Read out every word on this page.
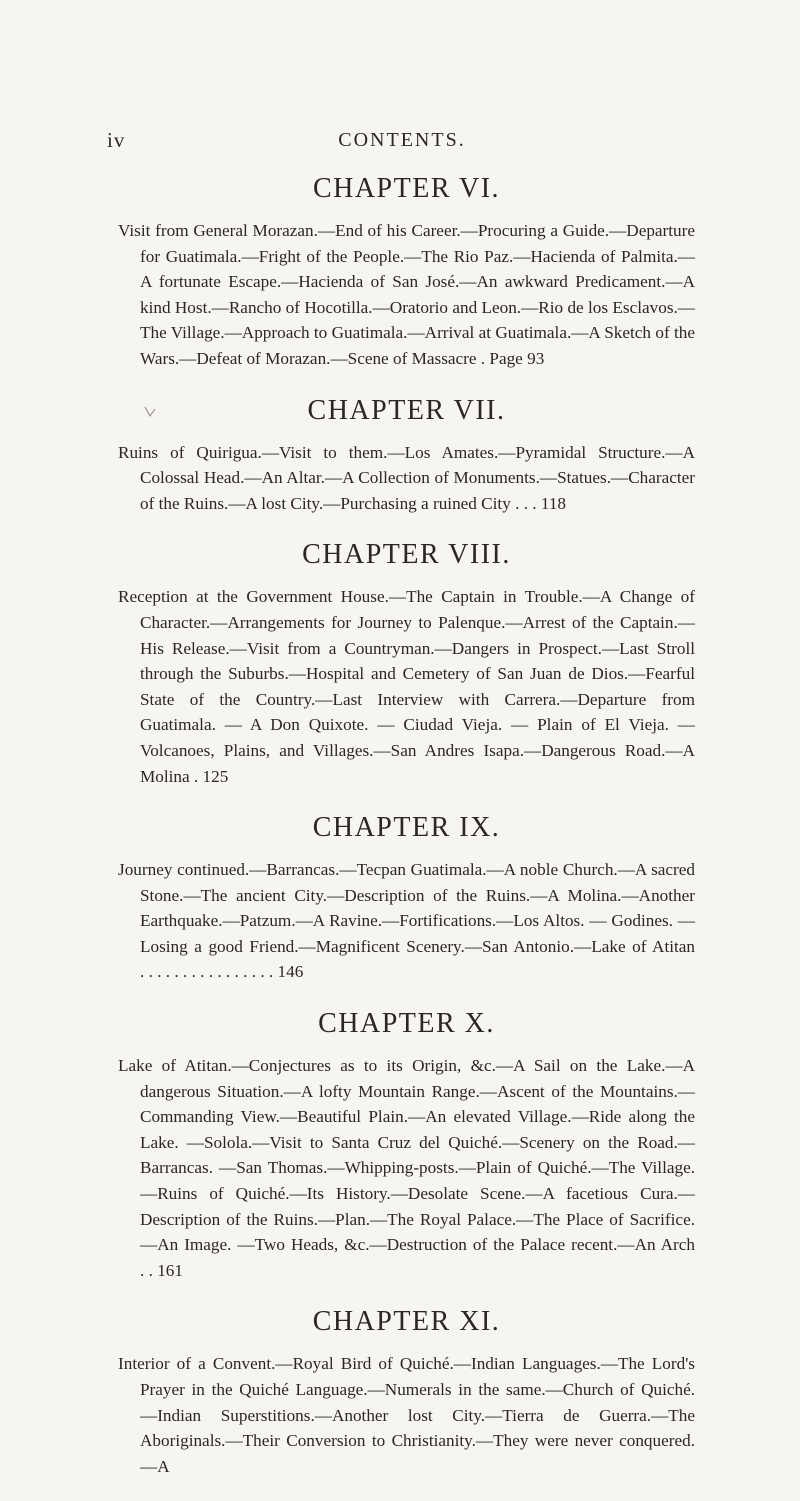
iv	CONTENTS.
CHAPTER VI.

Visit from General Morazan.—End of his Career.—Procuring a Guide.—Departure for Guatimala.—Fright of the People.—The Rio Paz.—Hacienda of Palmita.—A fortunate Escape.—Hacienda of San José.—An awkward Predicament.—A kind Host.—Rancho of Hocotilla.—Oratorio and Leon.—Rio de los Esclavos.—The Village.—Approach to Guatimala.—Arrival at Guatimala.—A Sketch of the Wars.—Defeat of Morazan.—Scene of Massacre . Page 93

CHAPTER VII.

Ruins of Quirigua.—Visit to them.—Los Amates.—Pyramidal Structure.—A Colossal Head.—An Altar.—A Collection of Monuments.—Statues.—Character of the Ruins.—A lost City.—Purchasing a ruined City . . . 118

CHAPTER VIII.

Reception at the Government House.—The Captain in Trouble.—A Change of Character.—Arrangements for Journey to Palenque.—Arrest of the Captain.—His Release.—Visit from a Countryman.—Dangers in Prospect.—Last Stroll through the Suburbs.—Hospital and Cemetery of San Juan de Dios.—Fearful State of the Country.—Last Interview with Carrera.—Departure from Guatimala. — A Don Quixote. — Ciudad Vieja. — Plain of El Vieja. — Volcanoes, Plains, and Villages.—San Andres Isapa.—Dangerous Road.—A Molina . 125

CHAPTER IX.

Journey continued.—Barrancas.—Tecpan Guatimala.—A noble Church.—A sacred Stone.—The ancient City.—Description of the Ruins.—A Molina.—Another Earthquake.—Patzum.—A Ravine.—Fortifications.—Los Altos. — Godines. —Losing a good Friend.—Magnificent Scenery.—San Antonio.—Lake of Atitan . . . . . . . . . . . . . . . . 146

CHAPTER X.

Lake of Atitan.—Conjectures as to its Origin, &c.—A Sail on the Lake.—A dangerous Situation.—A lofty Mountain Range.—Ascent of the Mountains.—Commanding View.—Beautiful Plain.—An elevated Village.—Ride along the Lake. —Solola.—Visit to Santa Cruz del Quiché.—Scenery on the Road.—Barrancas. —San Thomas.—Whipping-posts.—Plain of Quiché.—The Village.—Ruins of Quiché.—Its History.—Desolate Scene.—A facetious Cura.—Description of the Ruins.—Plan.—The Royal Palace.—The Place of Sacrifice.—An Image. —Two Heads, &c.—Destruction of the Palace recent.—An Arch . . 161

CHAPTER XI.

Interior of a Convent.—Royal Bird of Quiché.—Indian Languages.—The Lord's Prayer in the Quiché Language.—Numerals in the same.—Church of Quiché. —Indian Superstitions.—Another lost City.—Tierra de Guerra.—The Aboriginals.—Their Conversion to Christianity.—They were never conquered.—A
